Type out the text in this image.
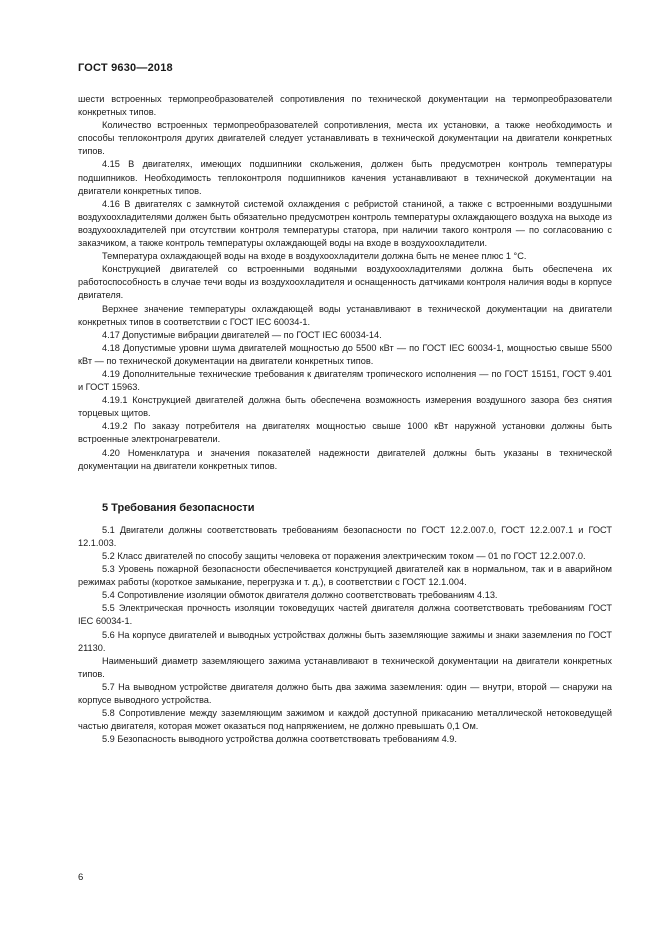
ГОСТ 9630—2018

шести встроенных термопреобразователей сопротивления по технической документации на термопреобразователи конкретных типов.

Количество встроенных термопреобразователей сопротивления, места их установки, а также необходимость и способы теплоконтроля других двигателей следует устанавливать в технической документации на двигатели конкретных типов.

4.15 В двигателях, имеющих подшипники скольжения, должен быть предусмотрен контроль температуры подшипников. Необходимость теплоконтроля подшипников качения устанавливают в технической документации на двигатели конкретных типов.

4.16 В двигателях с замкнутой системой охлаждения с ребристой станиной, а также с встроенными воздушными воздухоохладителями должен быть обязательно предусмотрен контроль температуры охлаждающего воздуха на выходе из воздухоохладителей при отсутствии контроля температуры статора, при наличии такого контроля — по согласованию с заказчиком, а также контроль температуры охлаждающей воды на входе в воздухоохладители.

Температура охлаждающей воды на входе в воздухоохладители должна быть не менее плюс 1 °С.

Конструкцией двигателей со встроенными водяными воздухоохладителями должна быть обеспечена их работоспособность в случае течи воды из воздухоохладителя и оснащенность датчиками контроля наличия воды в корпусе двигателя.

Верхнее значение температуры охлаждающей воды устанавливают в технической документации на двигатели конкретных типов в соответствии с ГОСТ IEC 60034-1.

4.17 Допустимые вибрации двигателей — по ГОСТ IEC 60034-14.

4.18 Допустимые уровни шума двигателей мощностью до 5500 кВт — по ГОСТ IEC 60034-1, мощностью свыше 5500 кВт — по технической документации на двигатели конкретных типов.

4.19 Дополнительные технические требования к двигателям тропического исполнения — по ГОСТ 15151, ГОСТ 9.401 и ГОСТ 15963.

4.19.1 Конструкцией двигателей должна быть обеспечена возможность измерения воздушного зазора без снятия торцевых щитов.

4.19.2 По заказу потребителя на двигателях мощностью свыше 1000 кВт наружной установки должны быть встроенные электронагреватели.

4.20 Номенклатура и значения показателей надежности двигателей должны быть указаны в технической документации на двигатели конкретных типов.

5 Требования безопасности

5.1 Двигатели должны соответствовать требованиям безопасности по ГОСТ 12.2.007.0, ГОСТ 12.2.007.1 и ГОСТ 12.1.003.

5.2 Класс двигателей по способу защиты человека от поражения электрическим током — 01 по ГОСТ 12.2.007.0.

5.3 Уровень пожарной безопасности обеспечивается конструкцией двигателей как в нормальном, так и в аварийном режимах работы (короткое замыкание, перегрузка и т. д.), в соответствии с ГОСТ 12.1.004.

5.4 Сопротивление изоляции обмоток двигателя должно соответствовать требованиям 4.13.

5.5 Электрическая прочность изоляции токоведущих частей двигателя должна соответствовать требованиям ГОСТ IEC 60034-1.

5.6 На корпусе двигателей и выводных устройствах должны быть заземляющие зажимы и знаки заземления по ГОСТ 21130.

Наименьший диаметр заземляющего зажима устанавливают в технической документации на двигатели конкретных типов.

5.7 На выводном устройстве двигателя должно быть два зажима заземления: один — внутри, второй — снаружи на корпусе выводного устройства.

5.8 Сопротивление между заземляющим зажимом и каждой доступной прикасанию металлической нетоковедущей частью двигателя, которая может оказаться под напряжением, не должно превышать 0,1 Ом.

5.9 Безопасность выводного устройства должна соответствовать требованиям 4.9.

6
